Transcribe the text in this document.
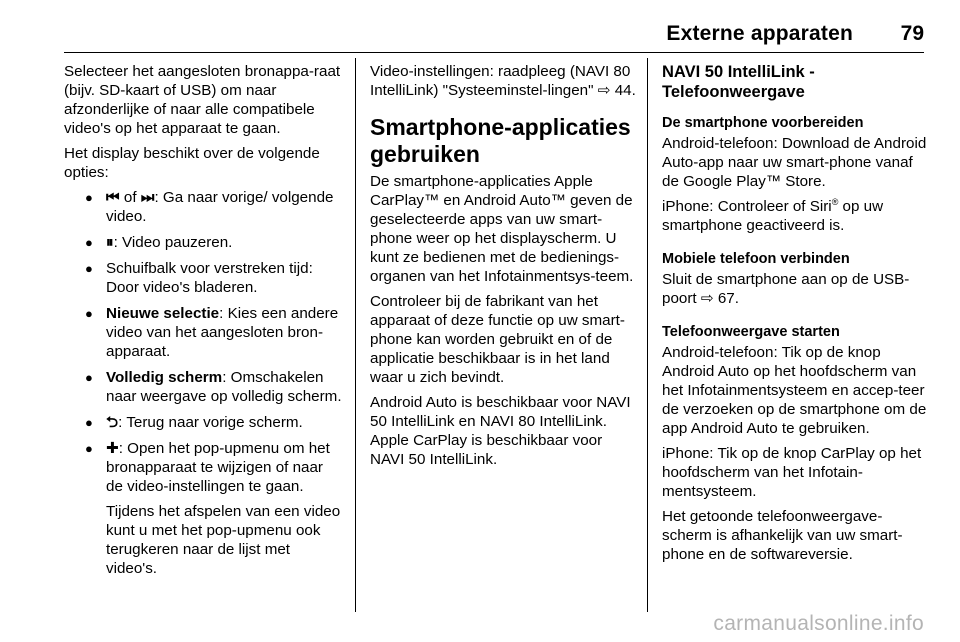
Externe apparaten 79

Selecteer het aangesloten bronappa-raat (bijv. SD-kaart of USB) om naar afzonderlijke of naar alle compatibele video's op het apparaat te gaan.

Het display beschikt over de volgende opties:

● ⏮ of ⏭: Ga naar vorige/ volgende video.
● ⏸: Video pauzeren.
● Schuifbalk voor verstreken tijd: Door video's bladeren.
● Nieuwe selectie: Kies een andere video van het aangesloten bron-apparaat.
● Volledig scherm: Omschakelen naar weergave op volledig scherm.
● ⮌: Terug naar vorige scherm.
● ✚: Open het pop-upmenu om het bronapparaat te wijzigen of naar de video-instellingen te gaan.
Tijdens het afspelen van een video kunt u met het pop-upmenu ook terugkeren naar de lijst met video's.

Video-instellingen: raadpleeg (NAVI 80 IntelliLink) "Systeeminstel-lingen" ⇨ 44.

Smartphone-applicaties gebruiken

De smartphone-applicaties Apple CarPlay™ en Android Auto™ geven de geselecteerde apps van uw smart-phone weer op het displayscherm. U kunt ze bedienen met de bedienings-organen van het Infotainmentsys-teem.

Controleer bij de fabrikant van het apparaat of deze functie op uw smart-phone kan worden gebruikt en of de applicatie beschikbaar is in het land waar u zich bevindt.

Android Auto is beschikbaar voor NAVI 50 IntelliLink en NAVI 80 IntelliLink. Apple CarPlay is beschikbaar voor NAVI 50 IntelliLink.

NAVI 50 IntelliLink - Telefoonweergave
De smartphone voorbereiden

Android-telefoon: Download de Android Auto-app naar uw smart-phone vanaf de Google Play™ Store.

iPhone: Controleer of Siri® op uw smartphone geactiveerd is.

Mobiele telefoon verbinden

Sluit de smartphone aan op de USB-poort ⇨ 67.

Telefoonweergave starten

Android-telefoon: Tik op de knop Android Auto op het hoofdscherm van het Infotainmentsysteem en accep-teer de verzoeken op de smartphone om de app Android Auto te gebruiken.

iPhone: Tik op de knop CarPlay op het hoofdscherm van het Infotain-mentsysteem.

Het getoonde telefoonweergave-scherm is afhankelijk van uw smart-phone en de softwareversie.

carmanualsonline.info
